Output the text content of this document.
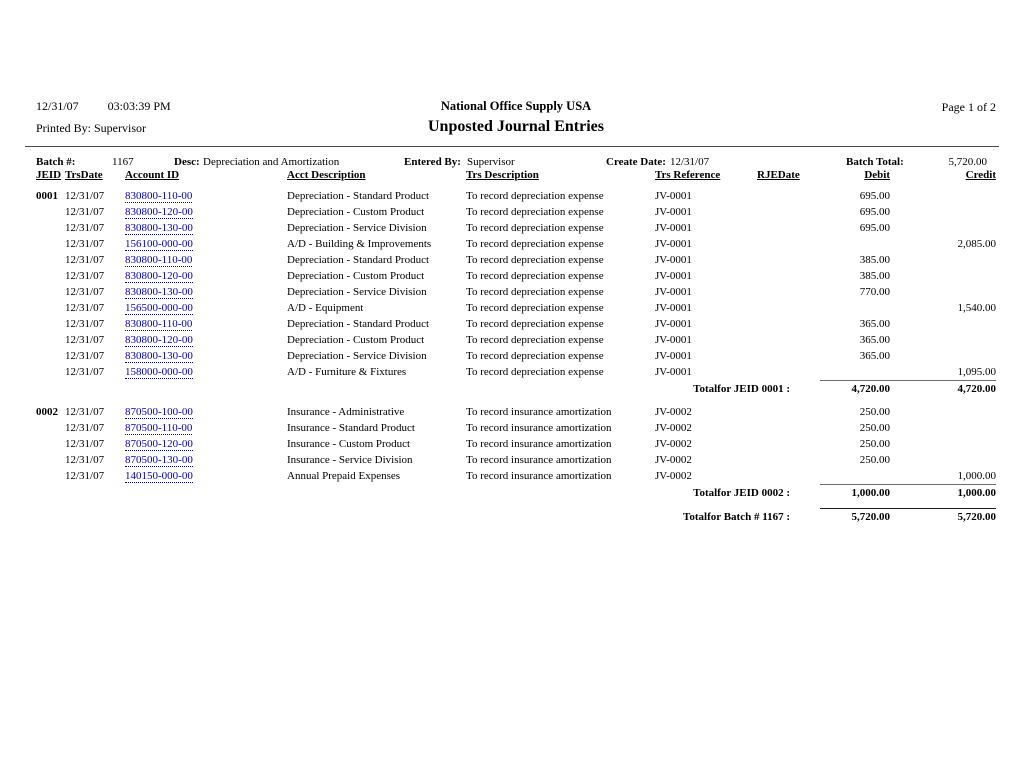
12/31/07 03:03:39 PM
Printed By: Supervisor
National Office Supply USA
Unposted Journal Entries
Page 1 of 2
Batch #:	1167	Desc: Depreciation and Amortization	Entered By: Supervisor	Create Date: 12/31/07	Batch Total:	5,720.00
JEID	TrsDate	Account ID	Acct Description	Trs Description	Trs Reference	RJEDate	Debit	Credit
0001	12/31/07	830800-110-00	Depreciation - Standard Product	To record depreciation expense	JV-0001		695.00	
	12/31/07	830800-120-00	Depreciation - Custom Product	To record depreciation expense	JV-0001		695.00	
	12/31/07	830800-130-00	Depreciation - Service Division	To record depreciation expense	JV-0001		695.00	
	12/31/07	156100-000-00	A/D - Building & Improvements	To record depreciation expense	JV-0001			2,085.00
	12/31/07	830800-110-00	Depreciation - Standard Product	To record depreciation expense	JV-0001		385.00	
	12/31/07	830800-120-00	Depreciation - Custom Product	To record depreciation expense	JV-0001		385.00	
	12/31/07	830800-130-00	Depreciation - Service Division	To record depreciation expense	JV-0001		770.00	
	12/31/07	156500-000-00	A/D - Equipment	To record depreciation expense	JV-0001			1,540.00
	12/31/07	830800-110-00	Depreciation - Standard Product	To record depreciation expense	JV-0001		365.00	
	12/31/07	830800-120-00	Depreciation - Custom Product	To record depreciation expense	JV-0001		365.00	
	12/31/07	830800-130-00	Depreciation - Service Division	To record depreciation expense	JV-0001		365.00	
	12/31/07	158000-000-00	A/D - Furniture & Fixtures	To record depreciation expense	JV-0001			1,095.00
Totalfor JEID 0001 :							4,720.00	4,720.00

0002	12/31/07	870500-100-00	Insurance - Administrative	To record insurance amortization	JV-0002		250.00	
	12/31/07	870500-110-00	Insurance - Standard Product	To record insurance amortization	JV-0002		250.00	
	12/31/07	870500-120-00	Insurance - Custom Product	To record insurance amortization	JV-0002		250.00	
	12/31/07	870500-130-00	Insurance - Service Division	To record insurance amortization	JV-0002		250.00	
	12/31/07	140150-000-00	Annual Prepaid Expenses	To record insurance amortization	JV-0002			1,000.00
Totalfor JEID 0002 :							1,000.00	1,000.00

Totalfor Batch # 1167 :							5,720.00	5,720.00
